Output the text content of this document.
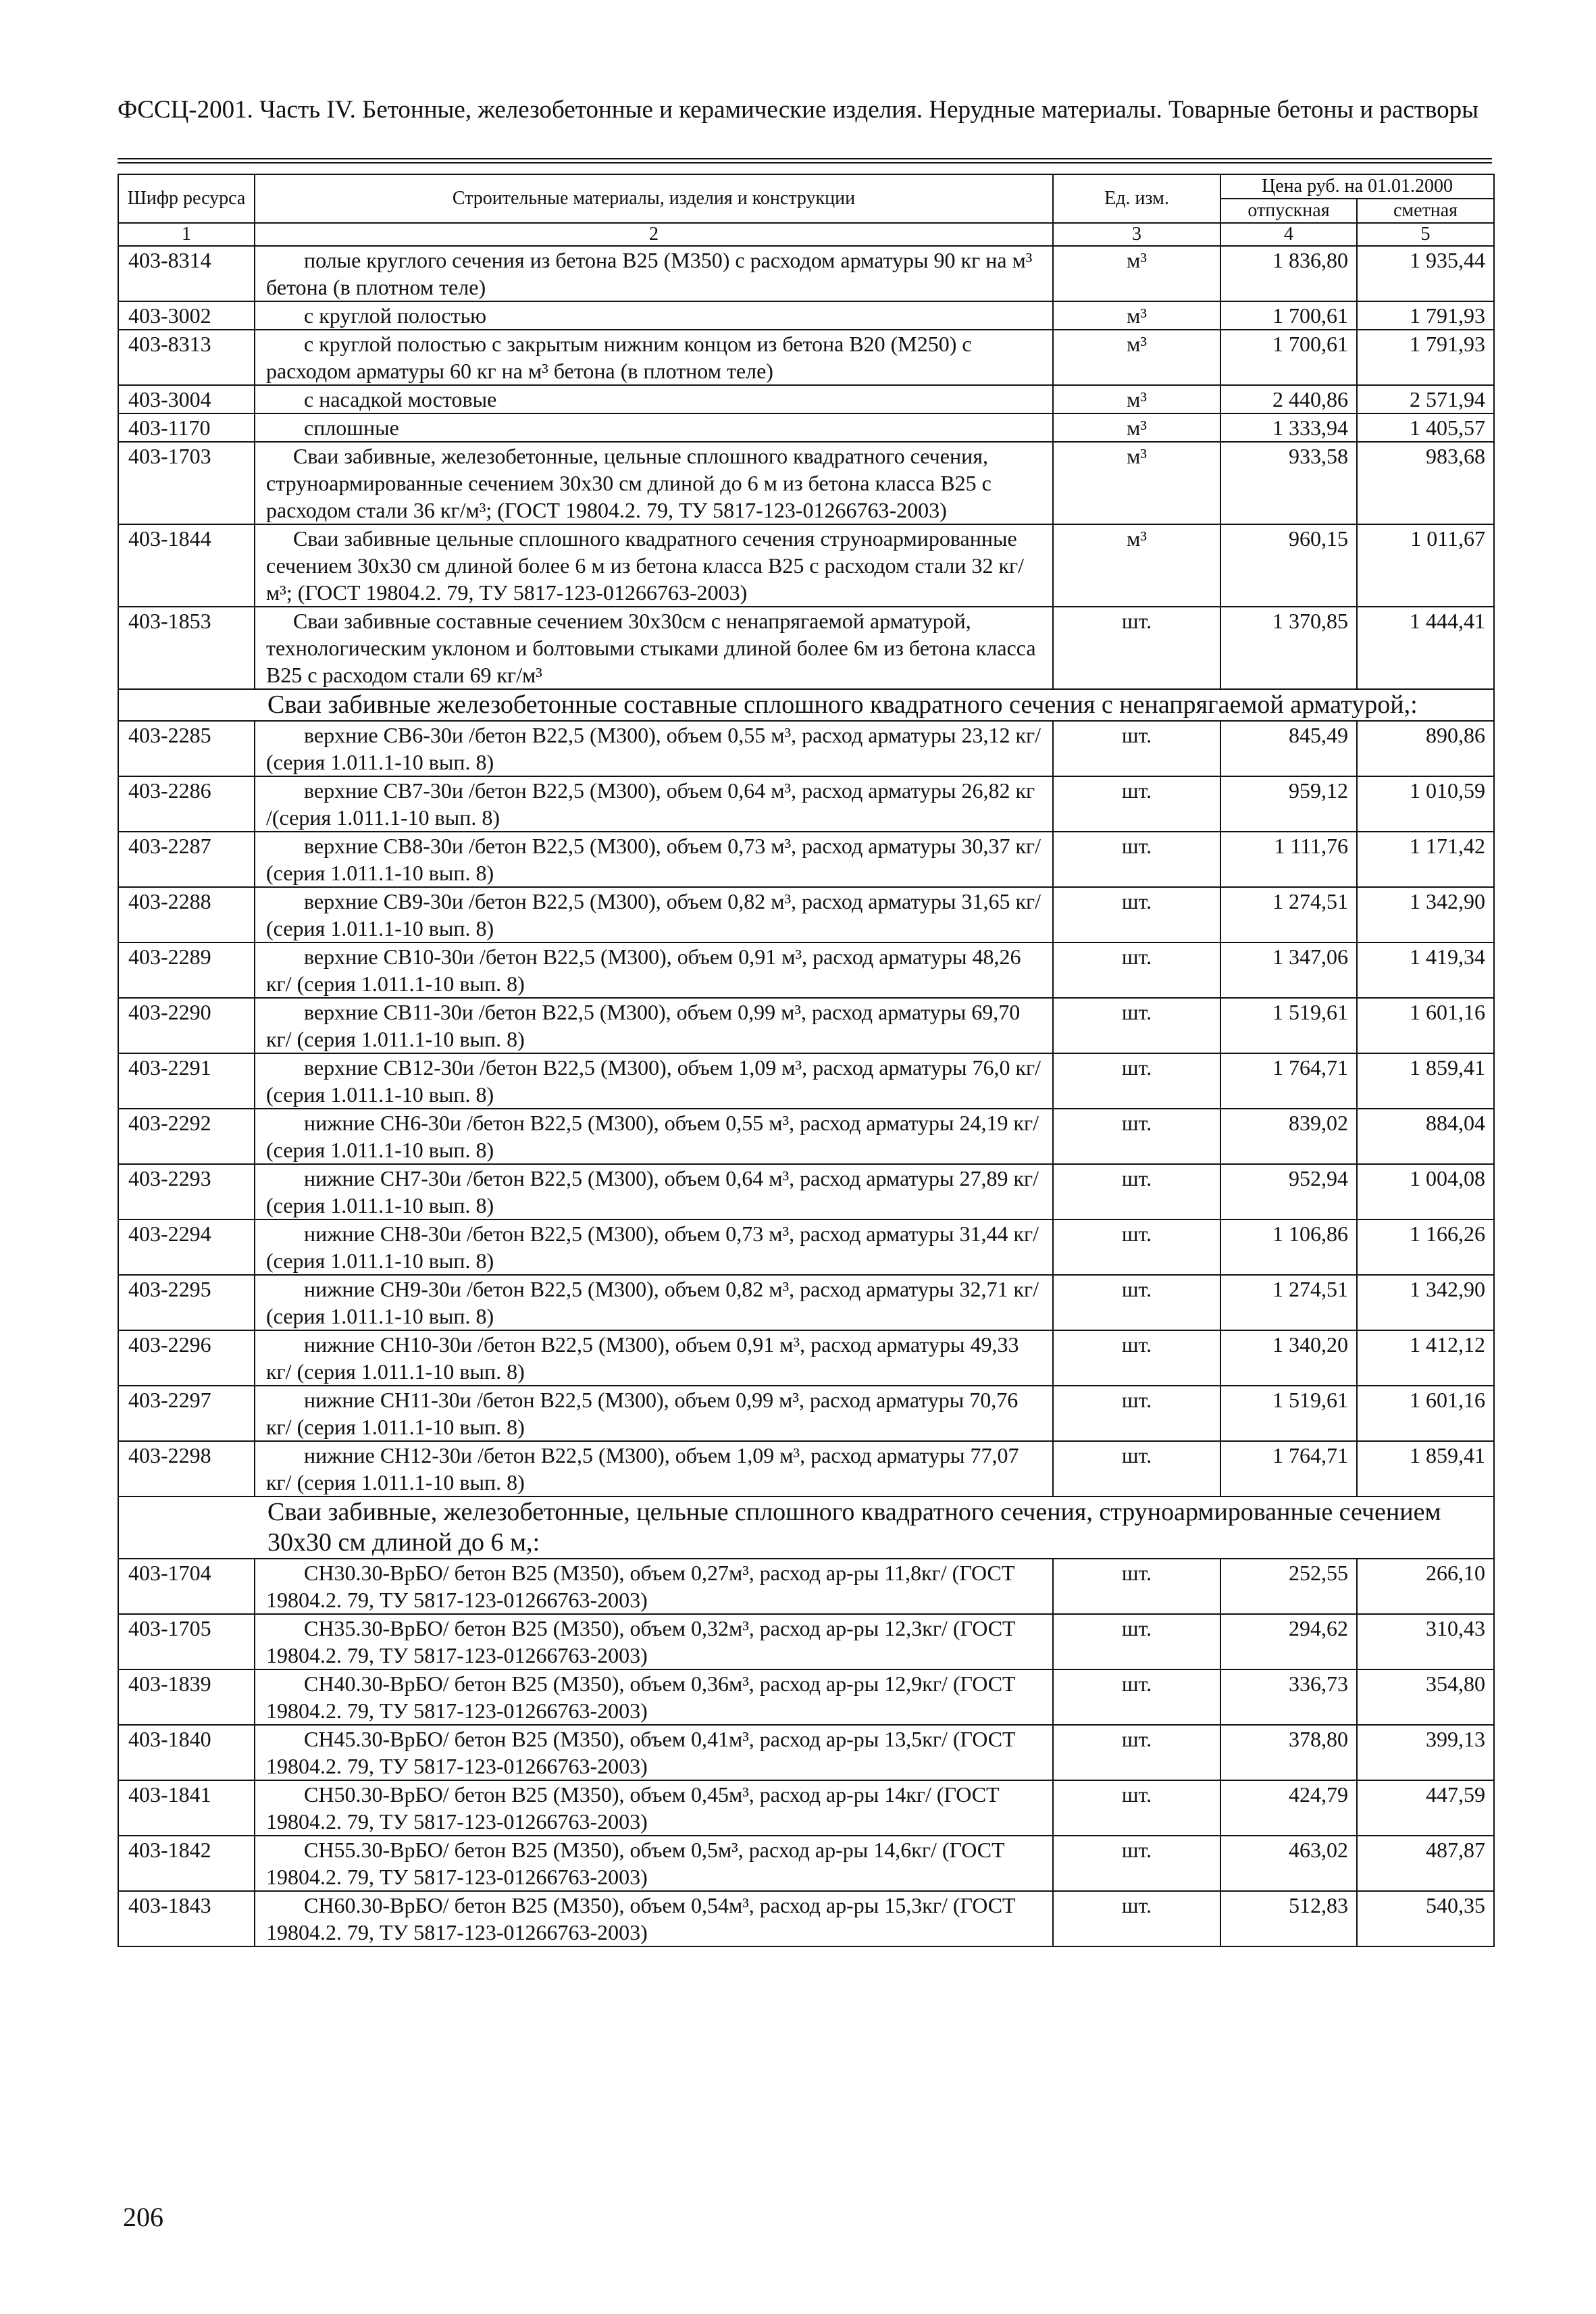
ФССЦ-2001. Часть IV. Бетонные, железобетонные и керамические изделия. Нерудные материалы. Товарные бетоны и растворы
Шифр ресурса	Строительные материалы, изделия и конструкции	Ед. изм.	Цена руб. на 01.01.2000	
			отпускная	сметная
1	2	3	4	5
403-8314	полые круглого сечения из бетона В25 (М350) с расходом арматуры 90 кг на м³ бетона (в плотном теле)	м³	1 836,80	1 935,44
403-3002	с круглой полостью	м³	1 700,61	1 791,93
403-8313	с круглой полостью с закрытым нижним концом из бетона В20 (М250) с расходом арматуры 60 кг на м³ бетона (в плотном теле)	м³	1 700,61	1 791,93
403-3004	с насадкой мостовые	м³	2 440,86	2 571,94
403-1170	сплошные	м³	1 333,94	1 405,57
403-1703	Сваи забивные, железобетонные, цельные сплошного квадратного сечения, струноармированные сечением 30х30 см длиной до 6 м из бетона класса В25 с расходом стали 36 кг/м³; (ГОСТ 19804.2. 79, ТУ 5817-123-01266763-2003)	м³	933,58	983,68
403-1844	Сваи забивные цельные сплошного квадратного сечения струноармированные сечением 30х30 см длиной более 6 м из бетона класса В25 с расходом стали 32 кг/м³; (ГОСТ 19804.2. 79, ТУ 5817-123-01266763-2003)	м³	960,15	1 011,67
403-1853	Сваи забивные составные сечением 30х30см с ненапрягаемой арматурой, технологическим уклоном и болтовыми стыками длиной более 6м из бетона класса В25 с расходом стали 69 кг/м³	шт.	1 370,85	1 444,41
Сваи забивные железобетонные составные сплошного квадратного сечения с ненапрягаемой арматурой,:				
403-2285	верхние СВ6-30и /бетон В22,5 (М300), объем 0,55 м³, расход арматуры 23,12 кг/ (серия 1.011.1-10 вып. 8)	шт.	845,49	890,86
403-2286	верхние СВ7-30и /бетон В22,5 (М300), объем 0,64 м³, расход арматуры 26,82 кг /(серия 1.011.1-10 вып. 8)	шт.	959,12	1 010,59
403-2287	верхние СВ8-30и /бетон В22,5 (М300), объем 0,73 м³, расход арматуры 30,37 кг/ (серия 1.011.1-10 вып. 8)	шт.	1 111,76	1 171,42
403-2288	верхние СВ9-30и /бетон В22,5 (М300), объем 0,82 м³, расход арматуры 31,65 кг/ (серия 1.011.1-10 вып. 8)	шт.	1 274,51	1 342,90
403-2289	верхние СВ10-30и /бетон В22,5 (М300), объем 0,91 м³, расход арматуры 48,26 кг/ (серия 1.011.1-10 вып. 8)	шт.	1 347,06	1 419,34
403-2290	верхние СВ11-30и /бетон В22,5 (М300), объем 0,99 м³, расход арматуры 69,70 кг/ (серия 1.011.1-10 вып. 8)	шт.	1 519,61	1 601,16
403-2291	верхние СВ12-30и /бетон В22,5 (М300), объем 1,09 м³, расход арматуры 76,0 кг/ (серия 1.011.1-10 вып. 8)	шт.	1 764,71	1 859,41
403-2292	нижние СН6-30и /бетон В22,5 (М300), объем 0,55 м³, расход арматуры 24,19 кг/ (серия 1.011.1-10 вып. 8)	шт.	839,02	884,04
403-2293	нижние СН7-30и /бетон В22,5 (М300), объем 0,64 м³, расход арматуры 27,89 кг/ (серия 1.011.1-10 вып. 8)	шт.	952,94	1 004,08
403-2294	нижние СН8-30и /бетон В22,5 (М300), объем 0,73 м³, расход арматуры 31,44 кг/ (серия 1.011.1-10 вып. 8)	шт.	1 106,86	1 166,26
403-2295	нижние СН9-30и /бетон В22,5 (М300), объем 0,82 м³, расход арматуры 32,71 кг/ (серия 1.011.1-10 вып. 8)	шт.	1 274,51	1 342,90
403-2296	нижние СН10-30и /бетон В22,5 (М300), объем 0,91 м³, расход арматуры 49,33 кг/ (серия 1.011.1-10 вып. 8)	шт.	1 340,20	1 412,12
403-2297	нижние СН11-30и /бетон В22,5 (М300), объем 0,99 м³, расход арматуры 70,76 кг/ (серия 1.011.1-10 вып. 8)	шт.	1 519,61	1 601,16
403-2298	нижние СН12-30и /бетон В22,5 (М300), объем 1,09 м³, расход арматуры 77,07 кг/ (серия 1.011.1-10 вып. 8)	шт.	1 764,71	1 859,41
Сваи забивные, железобетонные, цельные сплошного квадратного сечения, струноармированные сечением 30х30 см длиной до 6 м,:				
403-1704	СН30.30-ВрБО/ бетон В25 (М350), объем 0,27м³, расход ар-ры 11,8кг/ (ГОСТ 19804.2. 79, ТУ 5817-123-01266763-2003)	шт.	252,55	266,10
403-1705	СН35.30-ВрБО/ бетон В25 (М350), объем 0,32м³, расход ар-ры 12,3кг/ (ГОСТ 19804.2. 79, ТУ 5817-123-01266763-2003)	шт.	294,62	310,43
403-1839	СН40.30-ВрБО/ бетон В25 (М350), объем 0,36м³, расход ар-ры 12,9кг/ (ГОСТ 19804.2. 79, ТУ 5817-123-01266763-2003)	шт.	336,73	354,80
403-1840	СН45.30-ВрБО/ бетон В25 (М350), объем 0,41м³, расход ар-ры 13,5кг/ (ГОСТ 19804.2. 79, ТУ 5817-123-01266763-2003)	шт.	378,80	399,13
403-1841	СН50.30-ВрБО/ бетон В25 (М350), объем 0,45м³, расход ар-ры 14кг/ (ГОСТ 19804.2. 79, ТУ 5817-123-01266763-2003)	шт.	424,79	447,59
403-1842	СН55.30-ВрБО/ бетон В25 (М350), объем 0,5м³, расход ар-ры 14,6кг/ (ГОСТ 19804.2. 79, ТУ 5817-123-01266763-2003)	шт.	463,02	487,87
403-1843	СН60.30-ВрБО/ бетон В25 (М350), объем 0,54м³, расход ар-ры 15,3кг/ (ГОСТ 19804.2. 79, ТУ 5817-123-01266763-2003)	шт.	512,83	540,35
206
